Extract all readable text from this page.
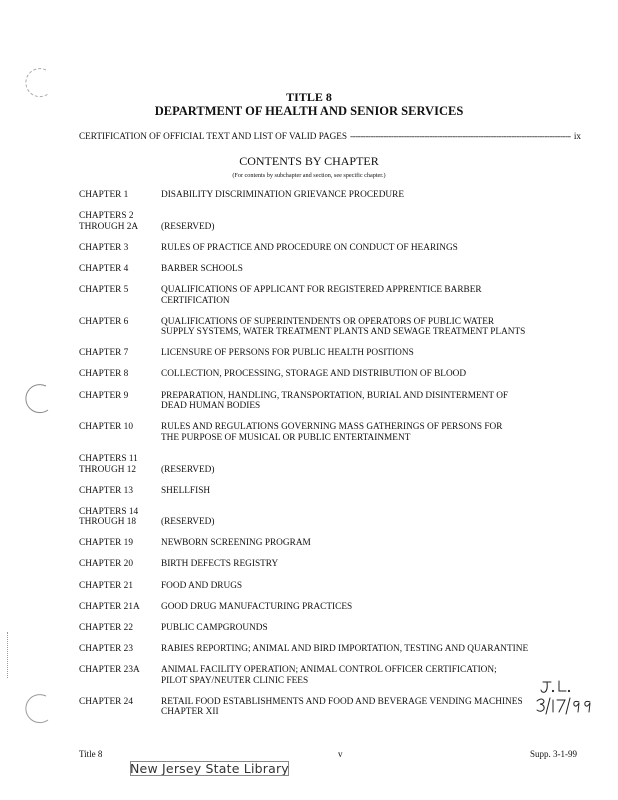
TITLE 8
DEPARTMENT OF HEALTH AND SENIOR SERVICES
CERTIFICATION OF OFFICIAL TEXT AND LIST OF VALID PAGES
-----	ix
CONTENTS BY CHAPTER
(For contents by subchapter and section, see specific chapter.)
CHAPTER 1	DISABILITY DISCRIMINATION GRIEVANCE PROCEDURE
CHAPTERS 2
THROUGH 2A
	(RESERVED)
CHAPTER 3	RULES OF PRACTICE AND PROCEDURE ON CONDUCT OF HEARINGS
CHAPTER 4	BARBER SCHOOLS
CHAPTER 5	QUALIFICATIONS OF APPLICANT FOR REGISTERED APPRENTICE BARBER
CERTIFICATION
CHAPTER 6	QUALIFICATIONS OF SUPERINTENDENTS OR OPERATORS OF PUBLIC WATER
SUPPLY SYSTEMS, WATER TREATMENT PLANTS AND SEWAGE TREATMENT PLANTS
CHAPTER 7	LICENSURE OF PERSONS FOR PUBLIC HEALTH POSITIONS
CHAPTER 8	COLLECTION, PROCESSING, STORAGE AND DISTRIBUTION OF BLOOD
CHAPTER 9	PREPARATION, HANDLING, TRANSPORTATION, BURIAL AND DISINTERMENT OF
DEAD HUMAN BODIES
CHAPTER 10	RULES AND REGULATIONS GOVERNING MASS GATHERINGS OF PERSONS FOR
THE PURPOSE OF MUSICAL OR PUBLIC ENTERTAINMENT
CHAPTERS 11
THROUGH 12
	(RESERVED)
CHAPTER 13	SHELLFISH
CHAPTERS 14
THROUGH 18
	(RESERVED)
CHAPTER 19	NEWBORN SCREENING PROGRAM
CHAPTER 20	BIRTH DEFECTS REGISTRY
CHAPTER 21	FOOD AND DRUGS
CHAPTER 21A	GOOD DRUG MANUFACTURING PRACTICES
CHAPTER 22	PUBLIC CAMPGROUNDS
CHAPTER 23	RABIES REPORTING; ANIMAL AND BIRD IMPORTATION, TESTING AND QUARANTINE
CHAPTER 23A	ANIMAL FACILITY OPERATION; ANIMAL CONTROL OFFICER CERTIFICATION;
PILOT SPAY/NEUTER CLINIC FEES
CHAPTER 24	RETAIL FOOD ESTABLISHMENTS AND FOOD AND BEVERAGE VENDING MACHINES
CHAPTER XII
Title 8	v	Supp. 3-1-99
New Jersey State Library
